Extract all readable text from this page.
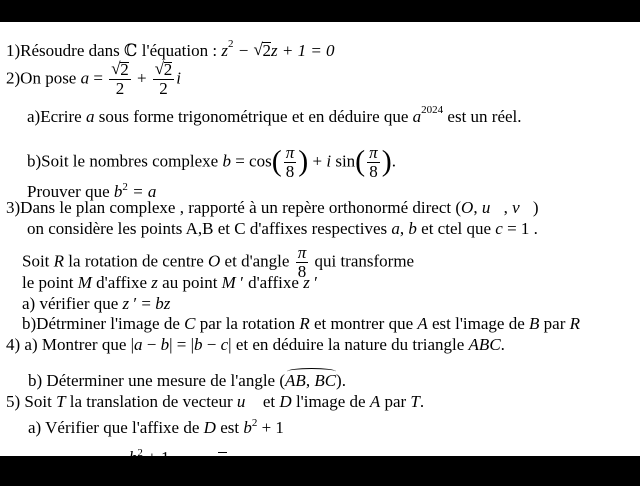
1)Résoudre dans ℂ l'équation : $z^2$ − √ 2z + 1 = 0
2)On pose a = √ $\frac{2}{2}$ + √ $\frac{2}{2}$ i
a)Ecrire a sous forme trigonométrique et en déduire que $a^{2024}$ est un réel.
b)Soit le nombres complexe $b = \cos( \frac{\pi}{8}$ ) + i $\sin( \frac{\pi}{8}$ ).
Prouver que $b^2 = a$
3)Dans le plan complexe , rapporté à un repère orthonormé direct (O, u⃗, v⃗)
on considère les points A,B et C d'affixes respectives a, b et ctel que c = 1 .
Soit R la rotation de centre O et d'angle $\frac{\pi}{8}$ qui transforme
le point M d'affixe z au point M ′ d'affixe z ′
a) vérifier que z ′ = bz
b)Détrminer l'image de C par la rotation R et montrer que A est l'image de B par R
4) a) Montrer que |a − b| = |b − c| et en déduire la nature du triangle ABC.
b) Déterminer une mesure de l'angle (AB, BC).
5) Soit T la translation de vecteur u⃗ et D l'image de A par T.
a) Vérifier que l'affixe de D est $b^2 + 1$
b)Montrer que $\frac{b^2 + 1}{b} = b + b$ et en déduire que les points O,B et D sont alignés.
